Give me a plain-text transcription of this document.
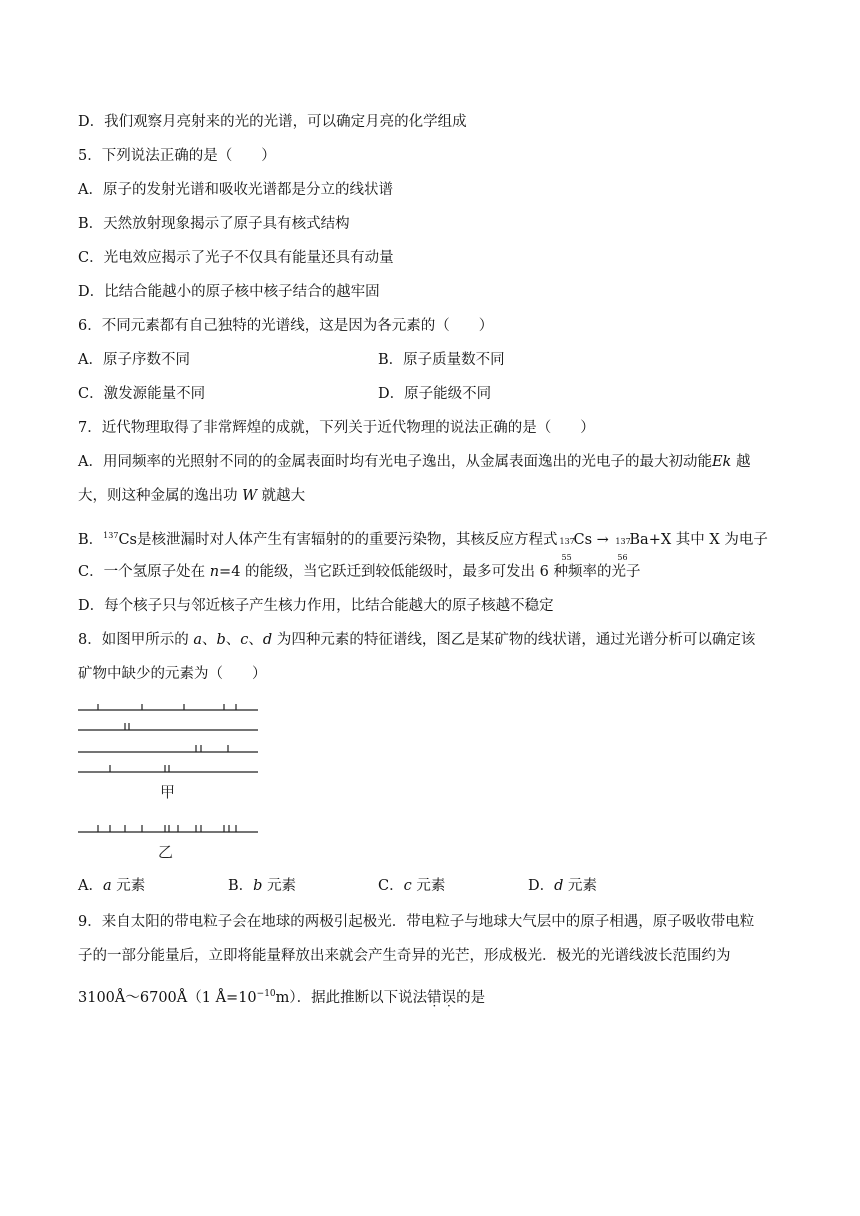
D．我们观察月亮射来的光的光谱，可以确定月亮的化学组成
5．下列说法正确的是（　　）
A．原子的发射光谱和吸收光谱都是分立的线状谱
B．天然放射现象揭示了原子具有核式结构
C．光电效应揭示了光子不仅具有能量还具有动量
D．比结合能越小的原子核中核子结合的越牢固
6．不同元素都有自己独特的光谱线，这是因为各元素的（　　）
A．原子序数不同	B．原子质量数不同
C．激发源能量不同	D．原子能级不同
7．近代物理取得了非常辉煌的成就，下列关于近代物理的说法正确的是（　　）
A．用同频率的光照射不同的的金属表面时均有光电子逸出，从金属表面逸出的光电子的最大初动能Ek 越
大，则这种金属的逸出功 W 就越大
B．$^{137}$Cs是核泄漏时对人体产生有害辐射的的重要污染物，其核反应方程式 137
55
Cs → 137
56
Ba+X 其中 X 为电子
C．一个氢原子处在 n=4 的能级，当它跃迁到较低能级时，最多可发出 6 种频率的光子
D．每个核子只与邻近核子产生核力作用，比结合能越大的原子核越不稳定
8．如图甲所示的 a、b、c、d 为四种元素的特征谱线，图乙是某矿物的线状谱，通过光谱分析可以确定该
矿物中缺少的元素为（　　）
甲
乙
A．a 元素	B．b 元素	C．c 元素	D．d 元素
9．来自太阳的带电粒子会在地球的两极引起极光．带电粒子与地球大气层中的原子相遇，原子吸收带电粒
子的一部分能量后，立即将能量释放出来就会产生奇异的光芒，形成极光．极光的光谱线波长范围约为
3100Å～6700Å（1 $Å=10^{-10}m$）．据此推断以下说法错误的是
